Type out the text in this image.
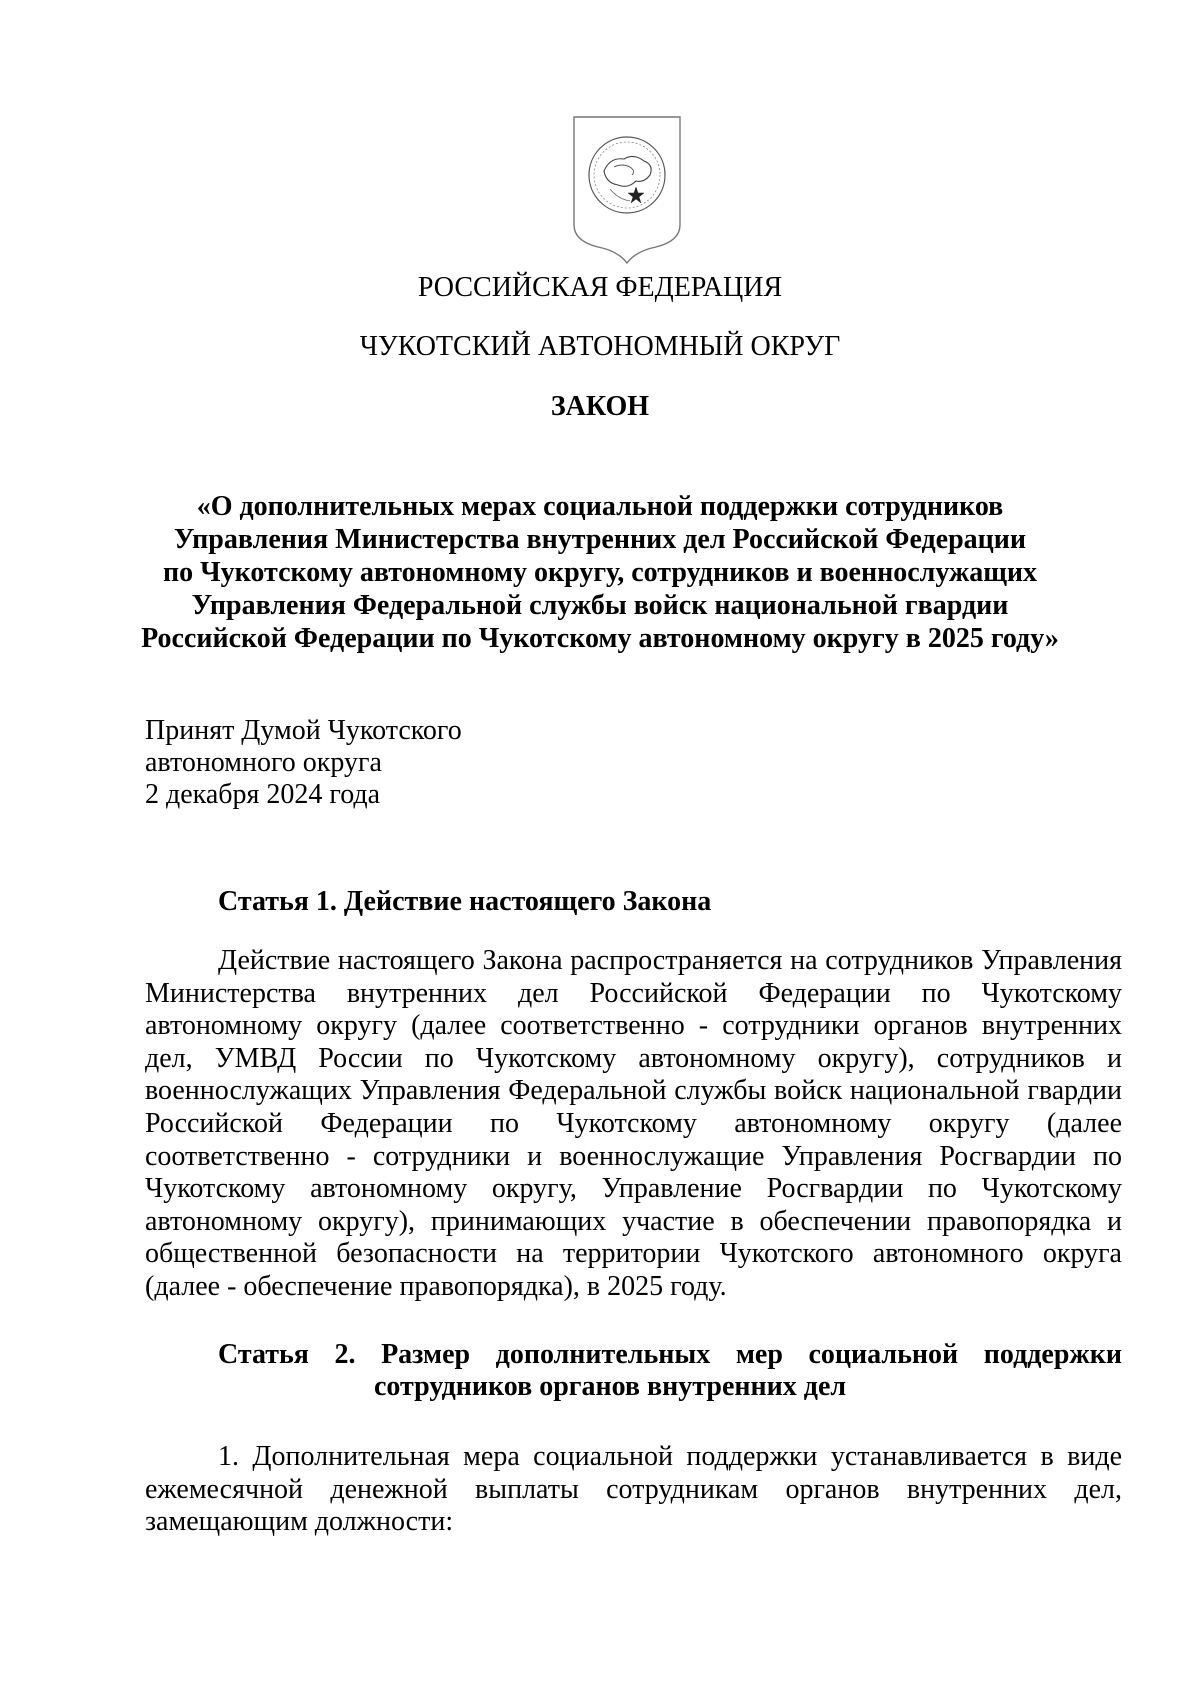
РОССИЙСКАЯ ФЕДЕРАЦИЯ
ЧУКОТСКИЙ АВТОНОМНЫЙ ОКРУГ
ЗАКОН
«О дополнительных мерах социальной поддержки сотрудников
Управления Министерства внутренних дел Российской Федерации
по Чукотскому автономному округу, сотрудников и военнослужащих
Управления Федеральной службы войск национальной гвардии
Российской Федерации по Чукотскому автономному округу в 2025 году»
Принят Думой Чукотского
автономного округа
2 декабря 2024 года
Статья 1. Действие настоящего Закона
Действие настоящего Закона распространяется на сотрудников Управления Министерства внутренних дел Российской Федерации по Чукотскому автономному округу (далее соответственно - сотрудники органов внутренних дел, УМВД России по Чукотскому автономному округу), сотрудников и военнослужащих Управления Федеральной службы войск национальной гвардии Российской Федерации по Чукотскому автономному округу (далее соответственно - сотрудники и военнослужащие Управления Росгвардии по Чукотскому автономному округу, Управление Росгвардии по Чукотскому автономному округу), принимающих участие в обеспечении правопорядка и общественной безопасности на территории Чукотского автономного округа (далее - обеспечение правопорядка), в 2025 году.
Статья 2. Размер дополнительных мер социальной поддержки
сотрудников органов внутренних дел
1. Дополнительная мера социальной поддержки устанавливается в виде ежемесячной денежной выплаты сотрудникам органов внутренних дел, замещающим должности:
